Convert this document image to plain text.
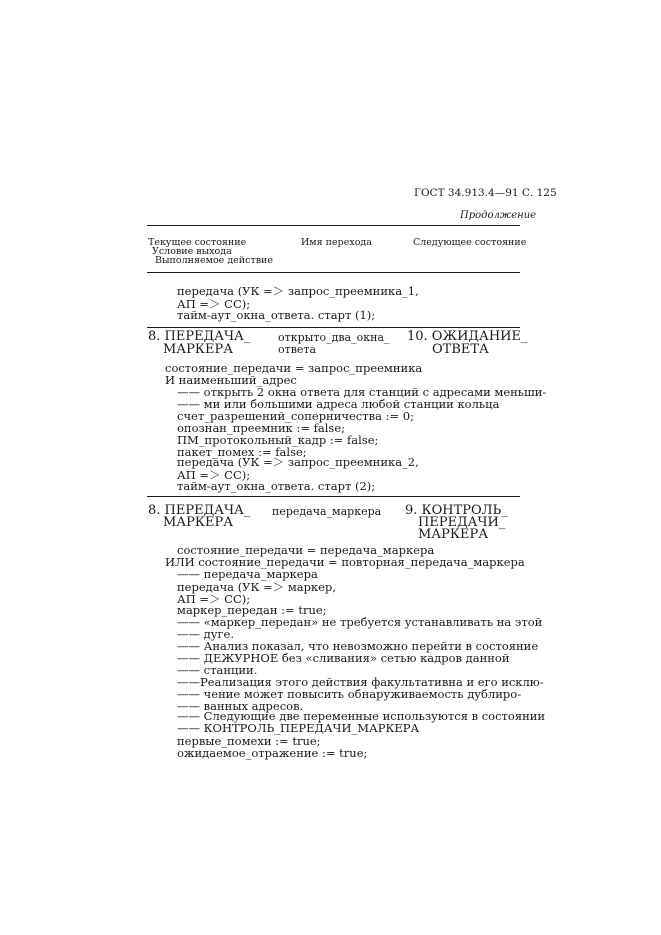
ГОСТ 34.913.4—91 С. 125
Продолжение
Текущее состояние
Условие выхода
Выполняемое действие
Имя перехода	Следующее состояние
передача (УК =＞ запрос_преемника_1,
АП =＞ СС);
тайм-аут_окна_ответа. старт (1);
8. ПЕРЕДАЧА_
МАРКЕРА
открыто_два_окна_
ответа
10. ОЖИДАНИЕ_
ОТВЕТА
состояние_передачи = запрос_преемника
И наименьший_адрес
—— открыть 2 окна ответа для станций с адресами меньши-
—— ми или большими адреса любой станции кольца
счет_разрешений_соперничества := 0;
опознан_преемник := false;
ПМ_протокольный_кадр := false;
пакет_помех := false;
передача (УК =＞ запрос_преемника_2,
АП =＞ СС);
тайм-аут_окна_ответа. старт (2);
8. ПЕРЕДАЧА_
МАРКЕРА
передача_маркера 9. КОНТРОЛЬ_
ПЕРЕДАЧИ_
МАРКЕРА
состояние_передачи = передача_маркера
ИЛИ состояние_передачи = повторная_передача_маркера
—— передача_маркера
передача (УК =＞ маркер,
АП =＞ СС);
маркер_передан := true;
—— «маркер_передан» не требуется устанавливать на этой
—— дуге.
—— Анализ показал, что невозможно перейти в состояние
—— ДЕЖУРНОЕ без «сливания» сетью кадров данной
—— станции.
——Реализация этого действия факультативна и его исклю-
—— чение может повысить обнаруживаемость дублиро-
—— ванных адресов.
—— Следующие две переменные используются в состоянии
—— КОНТРОЛЬ_ПЕРЕДАЧИ_МАРКЕРА
первые_помехи := true;
ожидаемое_отражение := true;
